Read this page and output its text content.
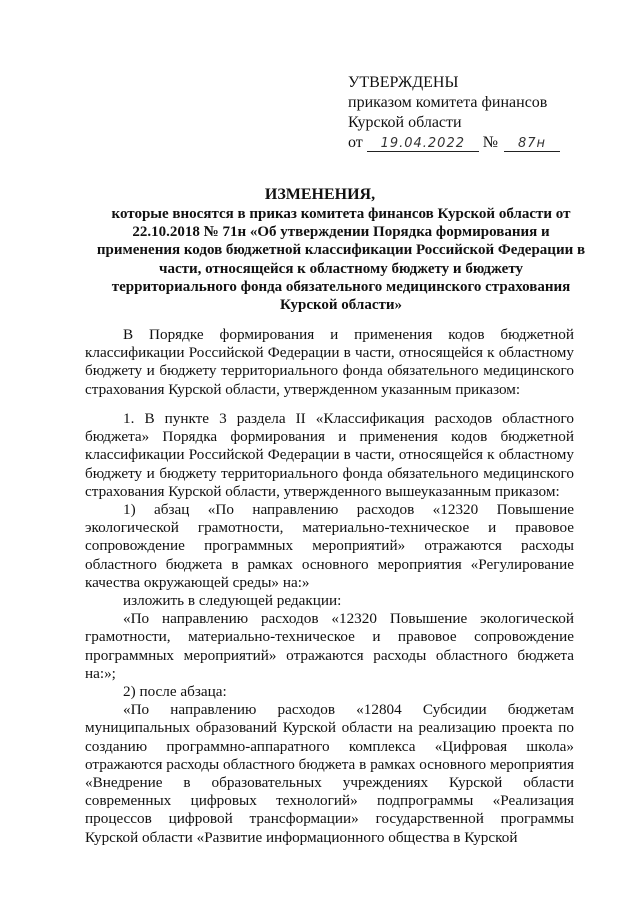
УТВЕРЖДЕНЫ
приказом комитета финансов
Курской области
от 19.04.2022 № 87н
ИЗМЕНЕНИЯ,
которые вносятся в приказ комитета финансов Курской области от 22.10.2018 № 71н «Об утверждении Порядка формирования и применения кодов бюджетной классификации Российской Федерации в части, относящейся к областному бюджету и бюджету территориального фонда обязательного медицинского страхования Курской области»

В Порядке формирования и применения кодов бюджетной классификации Российской Федерации в части, относящейся к областному бюджету и бюджету территориального фонда обязательного медицинского страхования Курской области, утвержденном указанным приказом:

1. В пункте 3 раздела II «Классификация расходов областного бюджета» Порядка формирования и применения кодов бюджетной классификации Российской Федерации в части, относящейся к областному бюджету и бюджету территориального фонда обязательного медицинского страхования Курской области, утвержденного вышеуказанным приказом:

1) абзац «По направлению расходов «12320 Повышение экологической грамотности, материально-техническое и правовое сопровождение программных мероприятий» отражаются расходы областного бюджета в рамках основного мероприятия «Регулирование качества окружающей среды» на:»

изложить в следующей редакции:

«По направлению расходов «12320 Повышение экологической грамотности, материально-техническое и правовое сопровождение программных мероприятий» отражаются расходы областного бюджета на:»;

2) после абзаца:

«По направлению расходов «12804 Субсидии бюджетам муниципальных образований Курской области на реализацию проекта по созданию программно-аппаратного комплекса «Цифровая школа» отражаются расходы областного бюджета в рамках основного мероприятия «Внедрение в образовательных учреждениях Курской области современных цифровых технологий» подпрограммы «Реализация процессов цифровой трансформации» государственной программы Курской области «Развитие информационного общества в Курской
